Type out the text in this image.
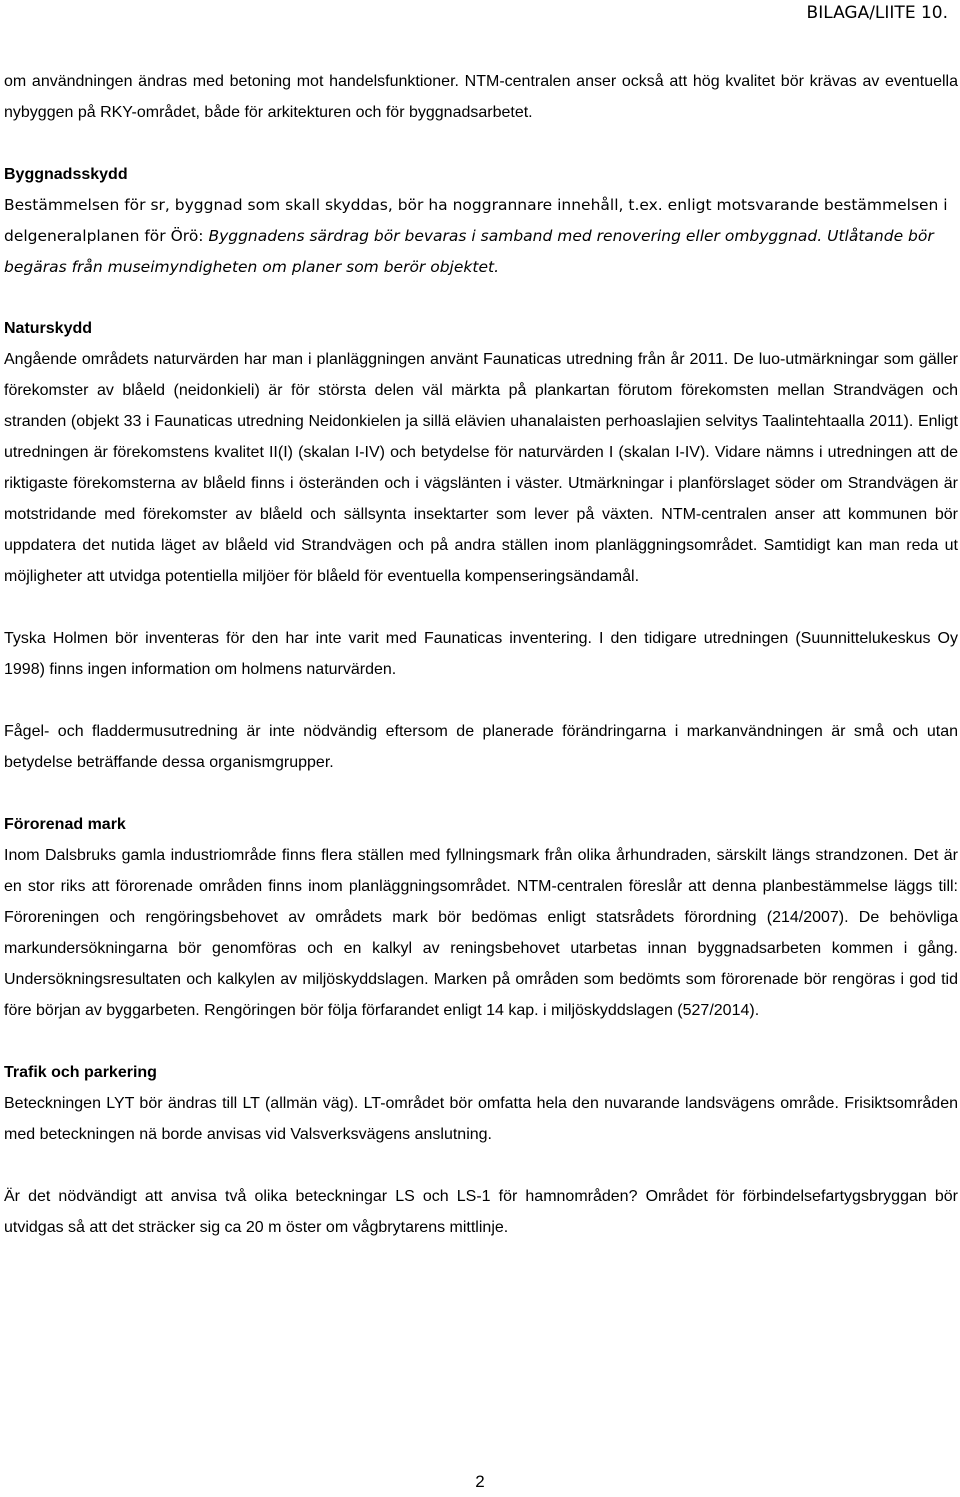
BILAGA/LIITE 10.

om användningen ändras med betoning mot handelsfunktioner. NTM-centralen anser också att hög kvalitet bör krävas av eventuella nybyggen på RKY-området, både för arkitekturen och för byggnadsarbetet.

Byggnadsskydd

Bestämmelsen för sr, byggnad som skall skyddas, bör ha noggrannare innehåll, t.ex. enligt motsvarande bestämmelsen i delgeneralplanen för Örö: Byggnadens särdrag bör bevaras i samband med renovering eller ombyggnad. Utlåtande bör begäras från museimyndigheten om planer som berör objektet.

Naturskydd

Angående områdets naturvärden har man i planläggningen använt Faunaticas utredning från år 2011. De luo-utmärkningar som gäller förekomster av blåeld (neidonkieli) är för största delen väl märkta på plankartan förutom förekomsten mellan Strandvägen och stranden (objekt 33 i Faunaticas utredning Neidonkielen ja sillä elävien uhanalaisten perhoaslajien selvitys Taalintehtaalla 2011). Enligt utredningen är förekomstens kvalitet II(I) (skalan I-IV) och betydelse för naturvärden I (skalan I-IV). Vidare nämns i utredningen att de riktigaste förekomsterna av blåeld finns i österänden och i vägslänten i väster. Utmärkningar i planförslaget söder om Strandvägen är motstridande med förekomster av blåeld och sällsynta insektarter som lever på växten. NTM-centralen anser att kommunen bör uppdatera det nutida läget av blåeld vid Strandvägen och på andra ställen inom planläggningsområdet. Samtidigt kan man reda ut möjligheter att utvidga potentiella miljöer för blåeld för eventuella kompenseringsändamål.

Tyska Holmen bör inventeras för den har inte varit med Faunaticas inventering. I den tidigare utredningen (Suunnittelukeskus Oy 1998) finns ingen information om holmens naturvärden.

Fågel- och fladdermusutredning är inte nödvändig eftersom de planerade förändringarna i markanvändningen är små och utan betydelse beträffande dessa organismgrupper.

Förorenad mark

Inom Dalsbruks gamla industriområde finns flera ställen med fyllningsmark från olika århundraden, särskilt längs strandzonen. Det är en stor riks att förorenade områden finns inom planläggningsområdet. NTM-centralen föreslår att denna planbestämmelse läggs till: Föroreningen och rengöringsbehovet av områdets mark bör bedömas enligt statsrådets förordning (214/2007). De behövliga markundersökningarna bör genomföras och en kalkyl av reningsbehovet utarbetas innan byggnadsarbeten kommen i gång. Undersökningsresultaten och kalkylen av miljöskyddslagen. Marken på områden som bedömts som förorenade bör rengöras i god tid före början av byggarbeten. Rengöringen bör följa förfarandet enligt 14 kap. i miljöskyddslagen (527/2014).

Trafik och parkering

Beteckningen LYT bör ändras till LT (allmän väg). LT-området bör omfatta hela den nuvarande landsvägens område. Frisiktsområden med beteckningen nä borde anvisas vid Valsverksvägens anslutning.

Är det nödvändigt att anvisa två olika beteckningar LS och LS-1 för hamnområden? Området för förbindelsefartygsbryggan bör utvidgas så att det sträcker sig ca 20 m öster om vågbrytarens mittlinje.

2
